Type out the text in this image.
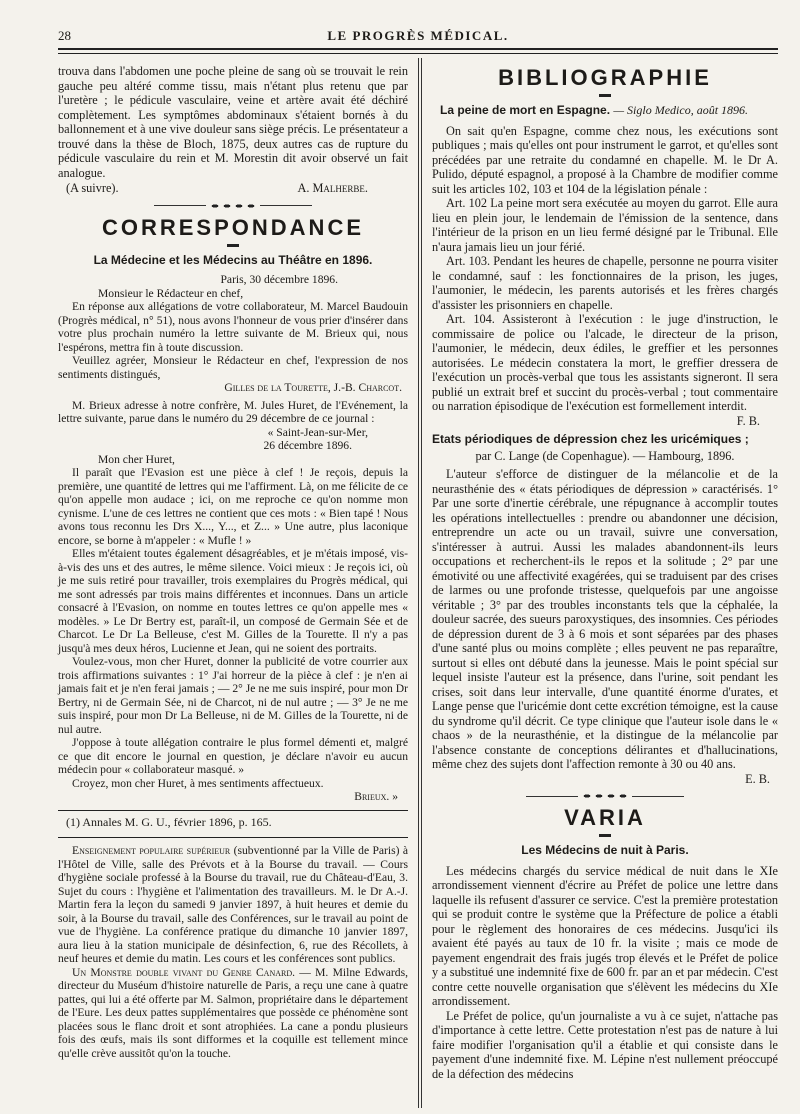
28	LE PROGRÈS MÉDICAL.

trouva dans l'abdomen une poche pleine de sang où se trouvait le rein gauche peu altéré comme tissu, mais n'étant plus retenu que par l'uretère ; le pédicule vasculaire, veine et artère avait été déchiré complètement. Les symptômes abdominaux s'étaient bornés à du ballonnement et à une vive douleur sans siège précis. Le présentateur a trouvé dans la thèse de Bloch, 1875, deux autres cas de rupture du pédicule vasculaire du rein et M. Morestin dit avoir observé un fait analogue.

(A suivre).	A. Malherbe.
CORRESPONDANCE
La Médecine et les Médecins au Théâtre en 1896.
Paris, 30 décembre 1896.

Monsieur le Rédacteur en chef,

En réponse aux allégations de votre collaborateur, M. Marcel Baudouin (Progrès médical, n° 51), nous avons l'honneur de vous prier d'insérer dans votre plus prochain numéro la lettre suivante de M. Brieux qui, nous l'espérons, mettra fin à toute discussion.

Veuillez agréer, Monsieur le Rédacteur en chef, l'expression de nos sentiments distingués,

Gilles de la Tourette, J.-B. Charcot.

M. Brieux adresse à notre confrère, M. Jules Huret, de l'Evénement, la lettre suivante, parue dans le numéro du 29 décembre de ce journal :

« Saint-Jean-sur-Mer,
26 décembre 1896.

Mon cher Huret,

Il paraît que l'Evasion est une pièce à clef ! Je reçois, depuis la première, une quantité de lettres qui me l'affirment. Là, on me félicite de ce qu'on appelle mon audace ; ici, on me reproche ce qu'on nomme mon cynisme. L'une de ces lettres ne contient que ces mots : « Bien tapé ! Nous avons tous reconnu les Drs X..., Y..., et Z... » Une autre, plus laconique encore, se borne à m'appeler : « Mufle ! »

Elles m'étaient toutes également désagréables, et je m'étais imposé, vis-à-vis des uns et des autres, le même silence. Voici mieux : Je reçois ici, où je me suis retiré pour travailler, trois exemplaires du Progrès médical, qui me sont adressés par trois mains différentes et inconnues. Dans un article consacré à l'Evasion, on nomme en toutes lettres ce qu'on appelle mes « modèles. » Le Dr Bertry est, paraît-il, un composé de Germain Sée et de Charcot. Le Dr La Belleuse, c'est M. Gilles de la Tourette. Il n'y a pas jusqu'à mes deux héros, Lucienne et Jean, qui ne soient des portraits.

Voulez-vous, mon cher Huret, donner la publicité de votre courrier aux trois affirmations suivantes : 1° J'ai horreur de la pièce à clef : je n'en ai jamais fait et je n'en ferai jamais ; — 2° Je ne me suis inspiré, pour mon Dr Bertry, ni de Germain Sée, ni de Charcot, ni de nul autre ; — 3° Je ne me suis inspiré, pour mon Dr La Belleuse, ni de M. Gilles de la Tourette, ni de nul autre.

J'oppose à toute allégation contraire le plus formel démenti et, malgré ce que dit encore le journal en question, je déclare n'avoir eu aucun médecin pour « collaborateur masqué. »

Croyez, mon cher Huret, à mes sentiments affectueux.

Brieux. »
(1) Annales M. G. U., février 1896, p. 165.

Enseignement populaire supérieur (subventionné par la Ville de Paris) à l'Hôtel de Ville, salle des Prévots et à la Bourse du travail. — Cours d'hygiène sociale professé à la Bourse du travail, rue du Château-d'Eau, 3. Sujet du cours : l'hygiène et l'alimentation des travailleurs. M. le Dr A.-J. Martin fera la leçon du samedi 9 janvier 1897, à huit heures et demie du soir, à la Bourse du travail, salle des Conférences, sur le travail au point de vue de l'hygiène. La conférence pratique du dimanche 10 janvier 1897, aura lieu à la station municipale de désinfection, 6, rue des Récollets, à neuf heures et demie du matin. Les cours et les conférences sont publics.

Un Monstre double vivant du Genre Canard. — M. Milne Edwards, directeur du Muséum d'histoire naturelle de Paris, a reçu une cane à quatre pattes, qui lui a été offerte par M. Salmon, propriétaire dans le département de l'Eure. Les deux pattes supplémentaires que possède ce phénomène sont placées sous le flanc droit et sont atrophiées. La cane a pondu plusieurs fois des œufs, mais ils sont difformes et la coquille est tellement mince qu'elle crève aussitôt qu'on la touche.

BIBLIOGRAPHIE
La peine de mort en Espagne. — Siglo Medico, août 1896.

On sait qu'en Espagne, comme chez nous, les exécutions sont publiques ; mais qu'elles ont pour instrument le garrot, et qu'elles sont précédées par une retraite du condamné en chapelle. M. le Dr A. Pulido, député espagnol, a proposé à la Chambre de modifier comme suit les articles 102, 103 et 104 de la législation pénale :

Art. 102 La peine mort sera exécutée au moyen du garrot. Elle aura lieu en plein jour, le lendemain de l'émission de la sentence, dans l'intérieur de la prison en un lieu fermé désigné par le Tribunal. Elle n'aura jamais lieu un jour férié.

Art. 103. Pendant les heures de chapelle, personne ne pourra visiter le condamné, sauf : les fonctionnaires de la prison, les juges, l'aumonier, le médecin, les parents autorisés et les frères chargés d'assister les prisonniers en chapelle.

Art. 104. Assisteront à l'exécution : le juge d'instruction, le commissaire de police ou l'alcade, le directeur de la prison, l'aumonier, le médecin, deux édiles, le greffier et les personnes autorisées. Le médecin constatera la mort, le greffier dressera de l'exécution un procès-verbal que tous les assistants signeront. Il sera publié un extrait bref et succint du procès-verbal ; tout commentaire ou narration épisodique de l'exécution est formellement interdit.

F. B.
Etats périodiques de dépression chez les uricémiques ;
par C. Lange (de Copenhague). — Hambourg, 1896.

L'auteur s'efforce de distinguer de la mélancolie et de la neurasthénie des « états périodiques de dépression » caractérisés. 1° Par une sorte d'inertie cérébrale, une répugnance à accomplir toutes les opérations intellectuelles : prendre ou abandonner une décision, entreprendre un acte ou un travail, suivre une conversation, s'intéresser à autrui. Aussi les malades abandonnent-ils leurs occupations et recherchent-ils le repos et la solitude ; 2° par une émotivité ou une affectivité exagérées, qui se traduisent par des crises de larmes ou une profonde tristesse, quelquefois par une angoisse véritable ; 3° par des troubles inconstants tels que la céphalée, la douleur sacrée, des sueurs paroxystiques, des insomnies. Ces périodes de dépression durent de 3 à 6 mois et sont séparées par des phases d'une santé plus ou moins complète ; elles peuvent ne pas reparaître, surtout si elles ont débuté dans la jeunesse. Mais le point spécial sur lequel insiste l'auteur est la présence, dans l'urine, soit pendant les crises, soit dans leur intervalle, d'une quantité énorme d'urates, et Lange pense que l'uricémie dont cette excrétion témoigne, est la cause du syndrome qu'il décrit. Ce type clinique que l'auteur isole dans le « chaos » de la neurasthénie, et la distingue de la mélancolie par l'absence constante de conceptions délirantes et d'hallucinations, même chez des sujets dont l'affection remonte à 30 ou 40 ans.

E. B.
VARIA
Les Médecins de nuit à Paris.

Les médecins chargés du service médical de nuit dans le XIe arrondissement viennent d'écrire au Préfet de police une lettre dans laquelle ils refusent d'assurer ce service. C'est la première protestation qui se produit contre le système que la Préfecture de police a établi pour le règlement des honoraires de ces médecins. Jusqu'ici ils avaient été payés au taux de 10 fr. la visite ; mais ce mode de payement engendrait des frais jugés trop élevés et le Préfet de police y a substitué une indemnité fixe de 600 fr. par an et par médecin. C'est contre cette nouvelle organisation que s'élèvent les médecins du XIe arrondissement.

Le Préfet de police, qu'un journaliste a vu à ce sujet, n'attache pas d'importance à cette lettre. Cette protestation n'est pas de nature à lui faire modifier l'organisation qu'il a établie et qui consiste dans le payement d'une indemnité fixe. M. Lépine n'est nullement préoccupé de la défection des médecins
